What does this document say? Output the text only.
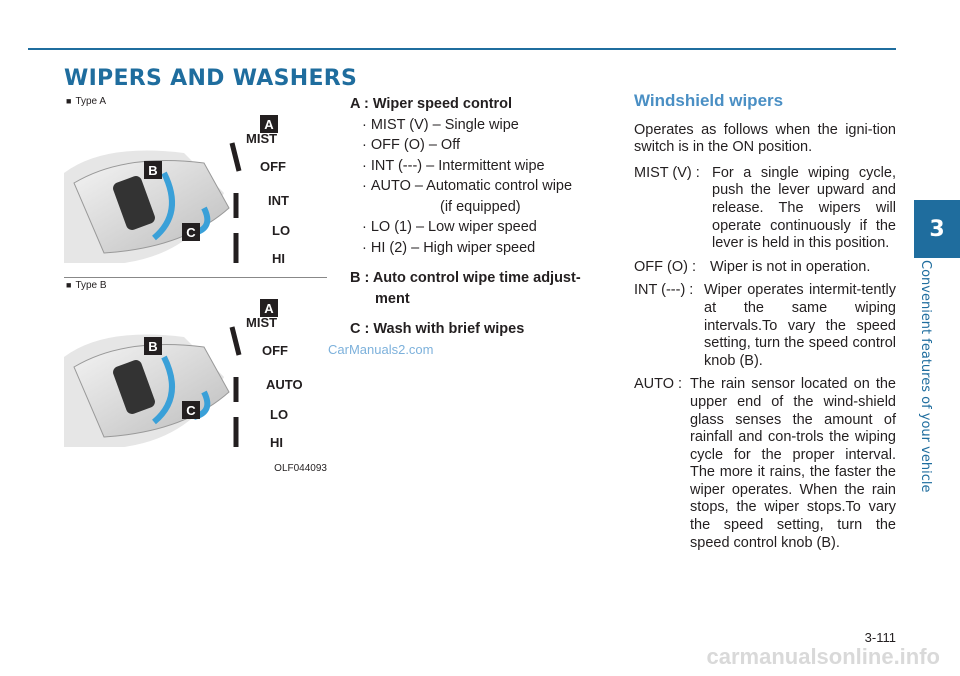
WIPERS AND WASHERS
3
Convenient features of your vehicle
■ Type A
B
A
C
MIST
OFF
INT
LO
HI
■ Type B
B
A
C
MIST
OFF
AUTO
LO
HI
OLF044093
A : Wiper speed control
· MIST (V) – Single wipe
· OFF (O) – Off
· INT (---) – Intermittent wipe
· AUTO – Automatic control wipe
(if equipped)
· LO (1) – Low wiper speed
· HI (2) – High wiper speed
B : Auto control wipe time adjust-
ment
C : Wash with brief wipes
CarManuals2.com
Windshield wipers

Operates as follows when the igni-tion switch is in the ON position.

MIST (V) : For a single wiping cycle, push the lever upward and release. The wipers will operate continuously if the lever is held in this position.
OFF (O) : Wiper is not in operation.
INT (---) : Wiper operates intermit-tently at the same wiping intervals.To vary the speed setting, turn the speed control knob (B).
AUTO : The rain sensor located on the upper end of the wind-shield glass senses the amount of rainfall and con-trols the wiping cycle for the proper interval. The more it rains, the faster the wiper operates. When the rain stops, the wiper stops.To vary the speed setting, turn the speed control knob (B).
3-111
carmanualsonline.info
